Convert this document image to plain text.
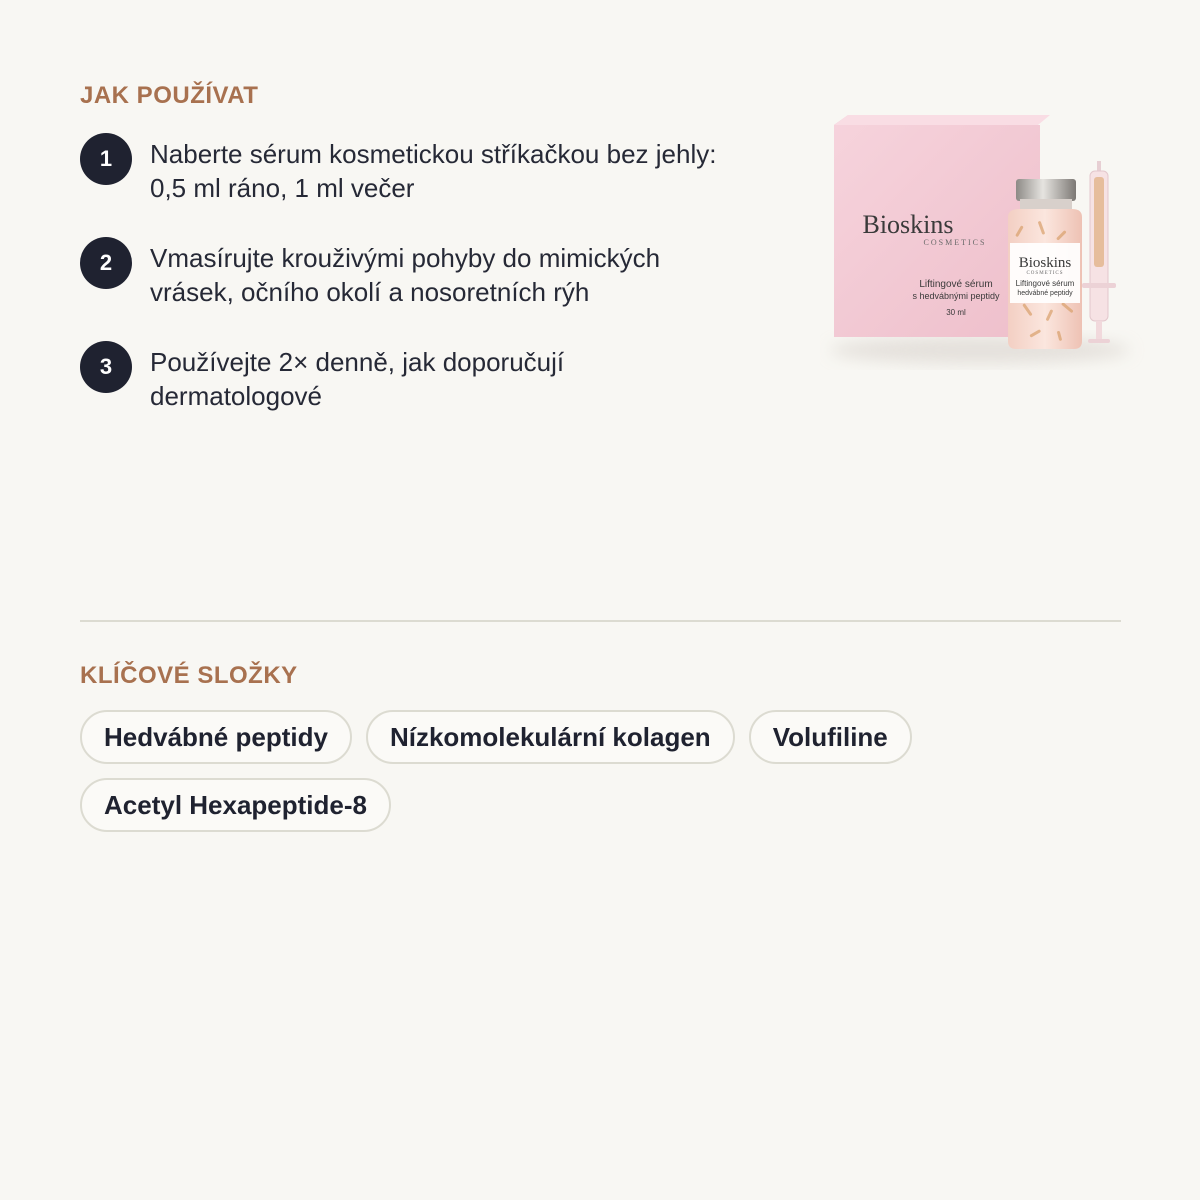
JAK POUŽÍVAT
1	Naberte sérum kosmetickou stříkačkou bez jehly:
0,5 ml ráno, 1 ml večer
2	Vmasírujte krouživými pohyby do mimických
vrásek, očního okolí a nosoretních rýh
3	Používejte 2× denně, jak doporučují
dermatologové
Bioskins
COSMETICS
Liftingové sérum
s hedvábnými peptidy
30 ml
Bioskins
COSMETICS
Liftingové sérum
hedvábné peptidy
KLÍČOVÉ SLOŽKY
Hedvábné peptidy	Nízkomolekulární kolagen	Volufiline
Acetyl Hexapeptide-8
